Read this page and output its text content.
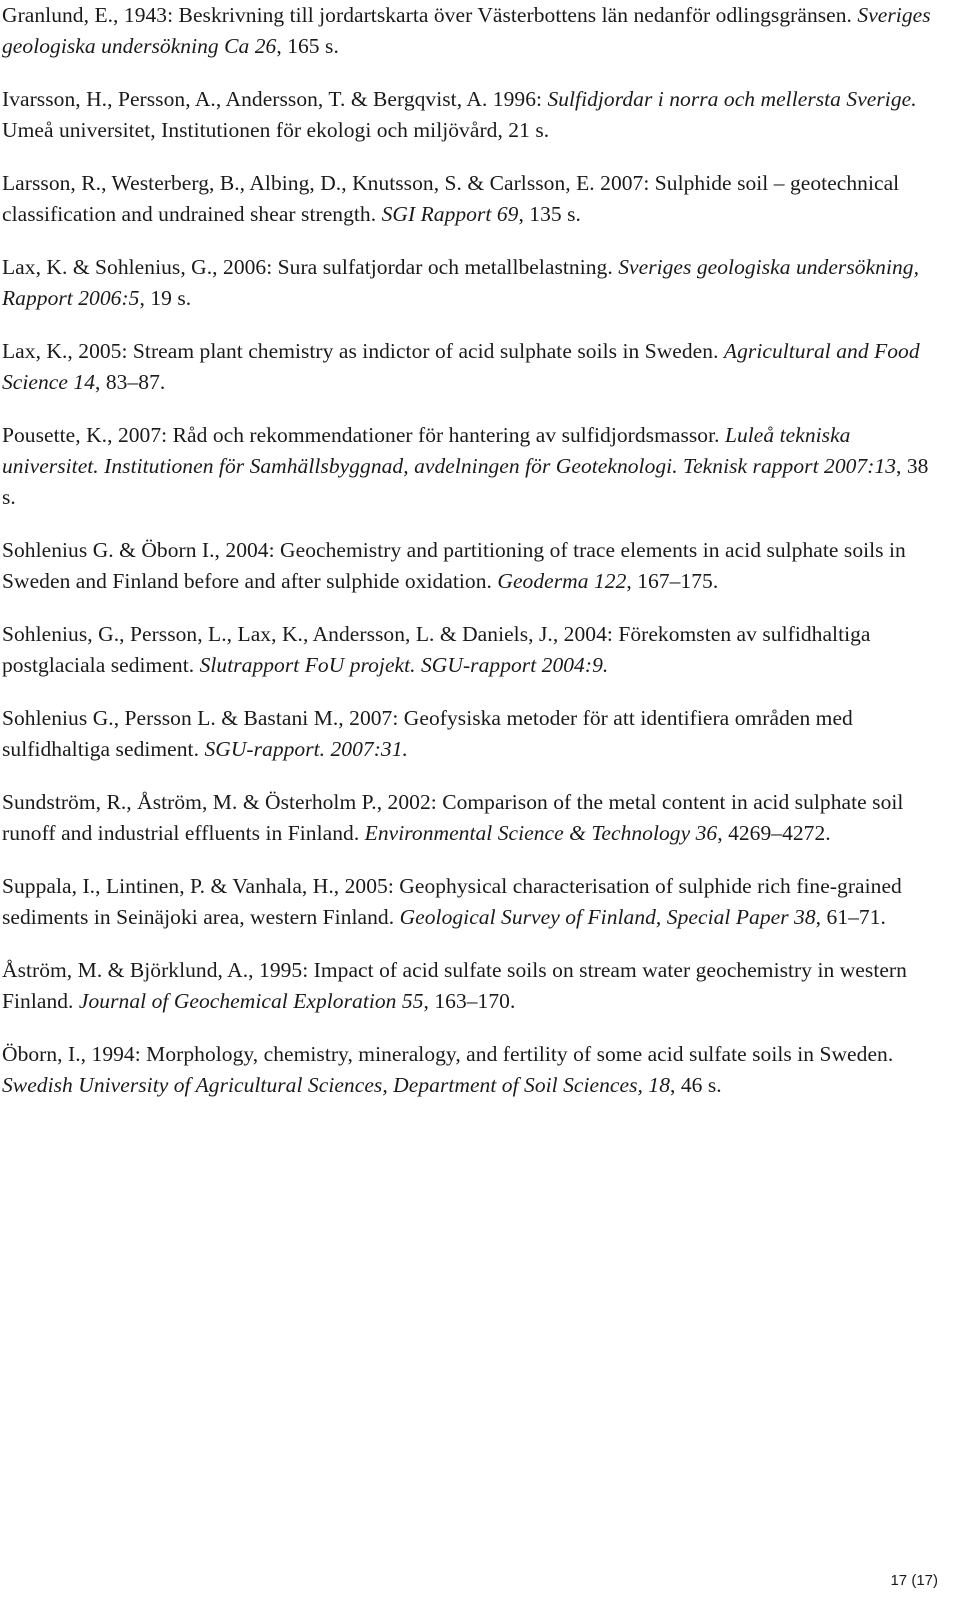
Granlund, E., 1943: Beskrivning till jordartskarta över Västerbottens län nedanför odlingsgränsen. Sveriges geologiska undersökning Ca 26, 165 s.

Ivarsson, H., Persson, A., Andersson, T. & Bergqvist, A. 1996: Sulfidjordar i norra och mellersta Sverige. Umeå universitet, Institutionen för ekologi och miljövård, 21 s.

Larsson, R., Westerberg, B., Albing, D., Knutsson, S. & Carlsson, E. 2007: Sulphide soil – geotechnical classification and undrained shear strength. SGI Rapport 69, 135 s.

Lax, K. & Sohlenius, G., 2006: Sura sulfatjordar och metallbelastning. Sveriges geologiska undersökning, Rapport 2006:5, 19 s.

Lax, K., 2005: Stream plant chemistry as indictor of acid sulphate soils in Sweden. Agricultural and Food Science 14, 83–87.

Pousette, K., 2007: Råd och rekommendationer för hantering av sulfidjordsmassor. Luleå tekniska universitet. Institutionen för Samhällsbyggnad, avdelningen för Geoteknologi. Teknisk rapport 2007:13, 38 s.

Sohlenius G. & Öborn I., 2004: Geochemistry and partitioning of trace elements in acid sulphate soils in Sweden and Finland before and after sulphide oxidation. Geoderma 122, 167–175.

Sohlenius, G., Persson, L., Lax, K., Andersson, L. & Daniels, J., 2004: Förekomsten av sulfidhaltiga postglaciala sediment. Slutrapport FoU projekt. SGU-rapport 2004:9.

Sohlenius G., Persson L. & Bastani M., 2007: Geofysiska metoder för att identifiera områden med sulfidhaltiga sediment. SGU-rapport. 2007:31.

Sundström, R., Åström, M. & Österholm P., 2002: Comparison of the metal content in acid sulphate soil runoff and industrial effluents in Finland. Environmental Science & Technology 36, 4269–4272.

Suppala, I., Lintinen, P. & Vanhala, H., 2005: Geophysical characterisation of sulphide rich fine-grained sediments in Seinäjoki area, western Finland. Geological Survey of Finland, Special Paper 38, 61–71.

Åström, M. & Björklund, A., 1995: Impact of acid sulfate soils on stream water geochemistry in western Finland. Journal of Geochemical Exploration 55, 163–170.

Öborn, I., 1994: Morphology, chemistry, mineralogy, and fertility of some acid sulfate soils in Sweden. Swedish University of Agricultural Sciences, Department of Soil Sciences, 18, 46 s.

17 (17)
